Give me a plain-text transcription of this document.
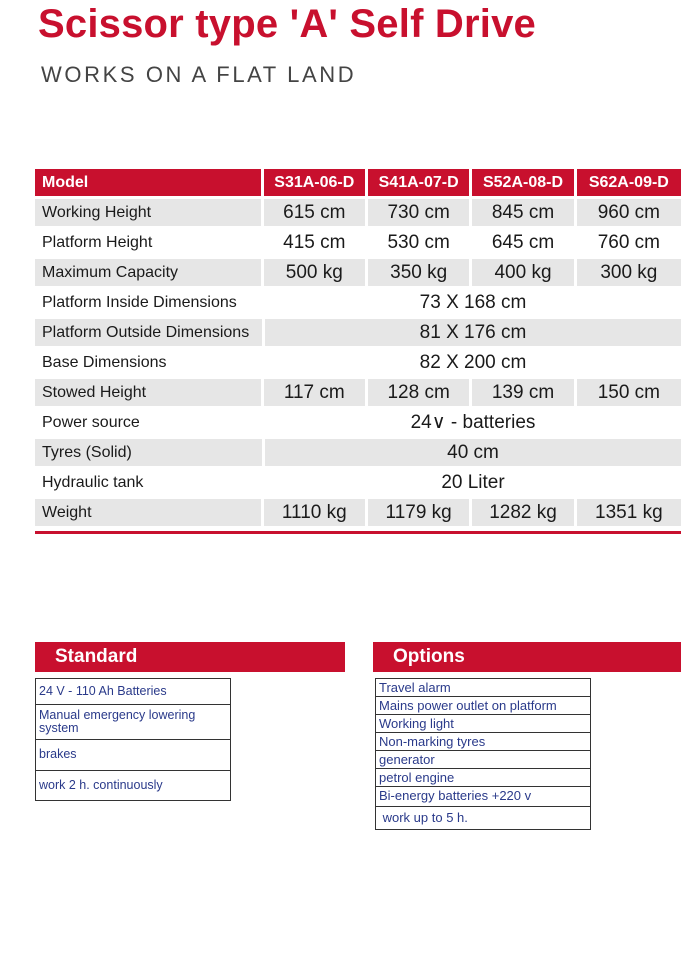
Scissor type 'A' Self Drive
WORKS ON A FLAT LAND
Model	S31A-06-D	S41A-07-D	S52A-08-D	S62A-09-D
Working Height	615 cm	730 cm	845 cm	960 cm
Platform Height	415 cm	530 cm	645 cm	760 cm
Maximum Capacity	500 kg	350 kg	400 kg	300 kg
Platform Inside Dimensions	73 X 168 cm
Platform Outside Dimensions	81 X 176 cm
Base Dimensions	82 X 200 cm
Stowed Height	117 cm	128 cm	139 cm	150 cm
Power source	24∨ - batteries
Tyres (Solid)	40 cm
Hydraulic tank	20 Liter
Weight	1110 kg	1179 kg	1282 kg	1351 kg
Standard
24 V - 110 Ah Batteries
Manual emergency lowering system
brakes
work 2 h. continuously
Options
Travel alarm
Mains power outlet on platform
Working light
Non-marking tyres
generator
petrol engine
Bi-energy batteries +220 v
work up to 5 h.
